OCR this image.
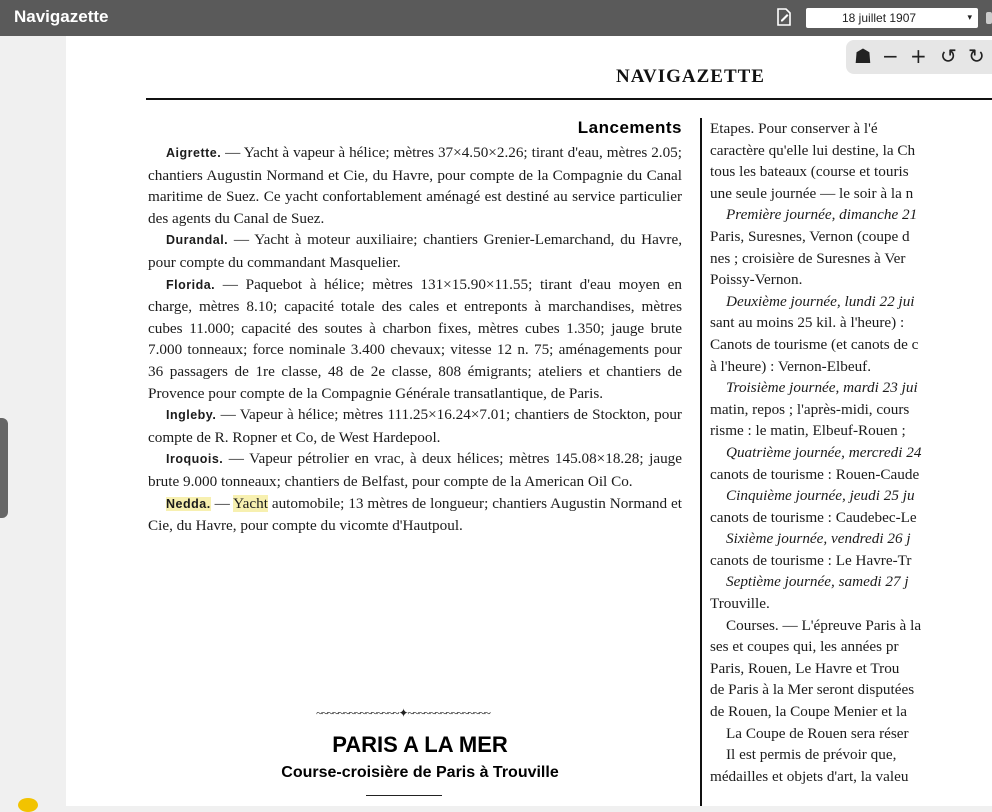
Navigazette	18 juillet 1907	▾
NAVIGAZETTE
Lancements

Aigrette. — Yacht à vapeur à hélice; mètres 37×4.50×2.26; tirant d'eau, mètres 2.05; chantiers Augustin Normand et Cie, du Havre, pour compte de la Compagnie du Canal maritime de Suez. Ce yacht confortablement aménagé est destiné au service particulier des agents du Canal de Suez.

Durandal. — Yacht à moteur auxiliaire; chantiers Grenier-Lemarchand, du Havre, pour compte du commandant Masquelier.

Florida. — Paquebot à hélice; mètres 131×15.90×11.55; tirant d'eau moyen en charge, mètres 8.10; capacité totale des cales et entreponts à marchandises, mètres cubes 11.000; capacité des soutes à charbon fixes, mètres cubes 1.350; jauge brute 7.000 tonneaux; force nominale 3.400 chevaux; vitesse 12 n. 75; aménagements pour 36 passagers de 1re classe, 48 de 2e classe, 808 émigrants; ateliers et chantiers de Provence pour compte de la Compagnie Générale transatlantique, de Paris.

Ingleby. — Vapeur à hélice; mètres 111.25×16.24×7.01; chantiers de Stockton, pour compte de R. Ropner et Co, de West Hardepool.

Iroquois. — Vapeur pétrolier en vrac, à deux hélices; mètres 145.08×18.28; jauge brute 9.000 tonneaux; chantiers de Belfast, pour compte de la American Oil Co.

Nedda. — Yacht automobile; 13 mètres de longueur; chantiers Augustin Normand et Cie, du Havre, pour compte du vicomte d'Hautpoul.

~~~~~~~~~~~~~~~✦~~~~~~~~~~~~~~~
PARIS A LA MER
Course-croisière de Paris à Trouville

Etapes. Pour conserver à l'é

caractère qu'elle lui destine, la Ch

tous les bateaux (course et touris

une seule journée — le soir à la n

Première journée, dimanche 21

Paris, Suresnes, Vernon (coupe d

nes ; croisière de Suresnes à Ver

Poissy-Vernon.

Deuxième journée, lundi 22 jui

sant au moins 25 kil. à l'heure) :

Canots de tourisme (et canots de c

à l'heure) : Vernon-Elbeuf.

Troisième journée, mardi 23 jui

matin, repos ; l'après-midi, cours

risme : le matin, Elbeuf-Rouen ;

Quatrième journée, mercredi 24

canots de tourisme : Rouen-Caude

Cinquième journée, jeudi 25 ju

canots de tourisme : Caudebec-Le

Sixième journée, vendredi 26 j

canots de tourisme : Le Havre-Tr

Septième journée, samedi 27 j

Trouville.

Courses. — L'épreuve Paris à la

ses et coupes qui, les années pr

Paris, Rouen, Le Havre et Trou

de Paris à la Mer seront disputées

de Rouen, la Coupe Menier et la

La Coupe de Rouen sera réser

Il est permis de prévoir que,

médailles et objets d'art, la valeu

☗ − + ↺ ↻
